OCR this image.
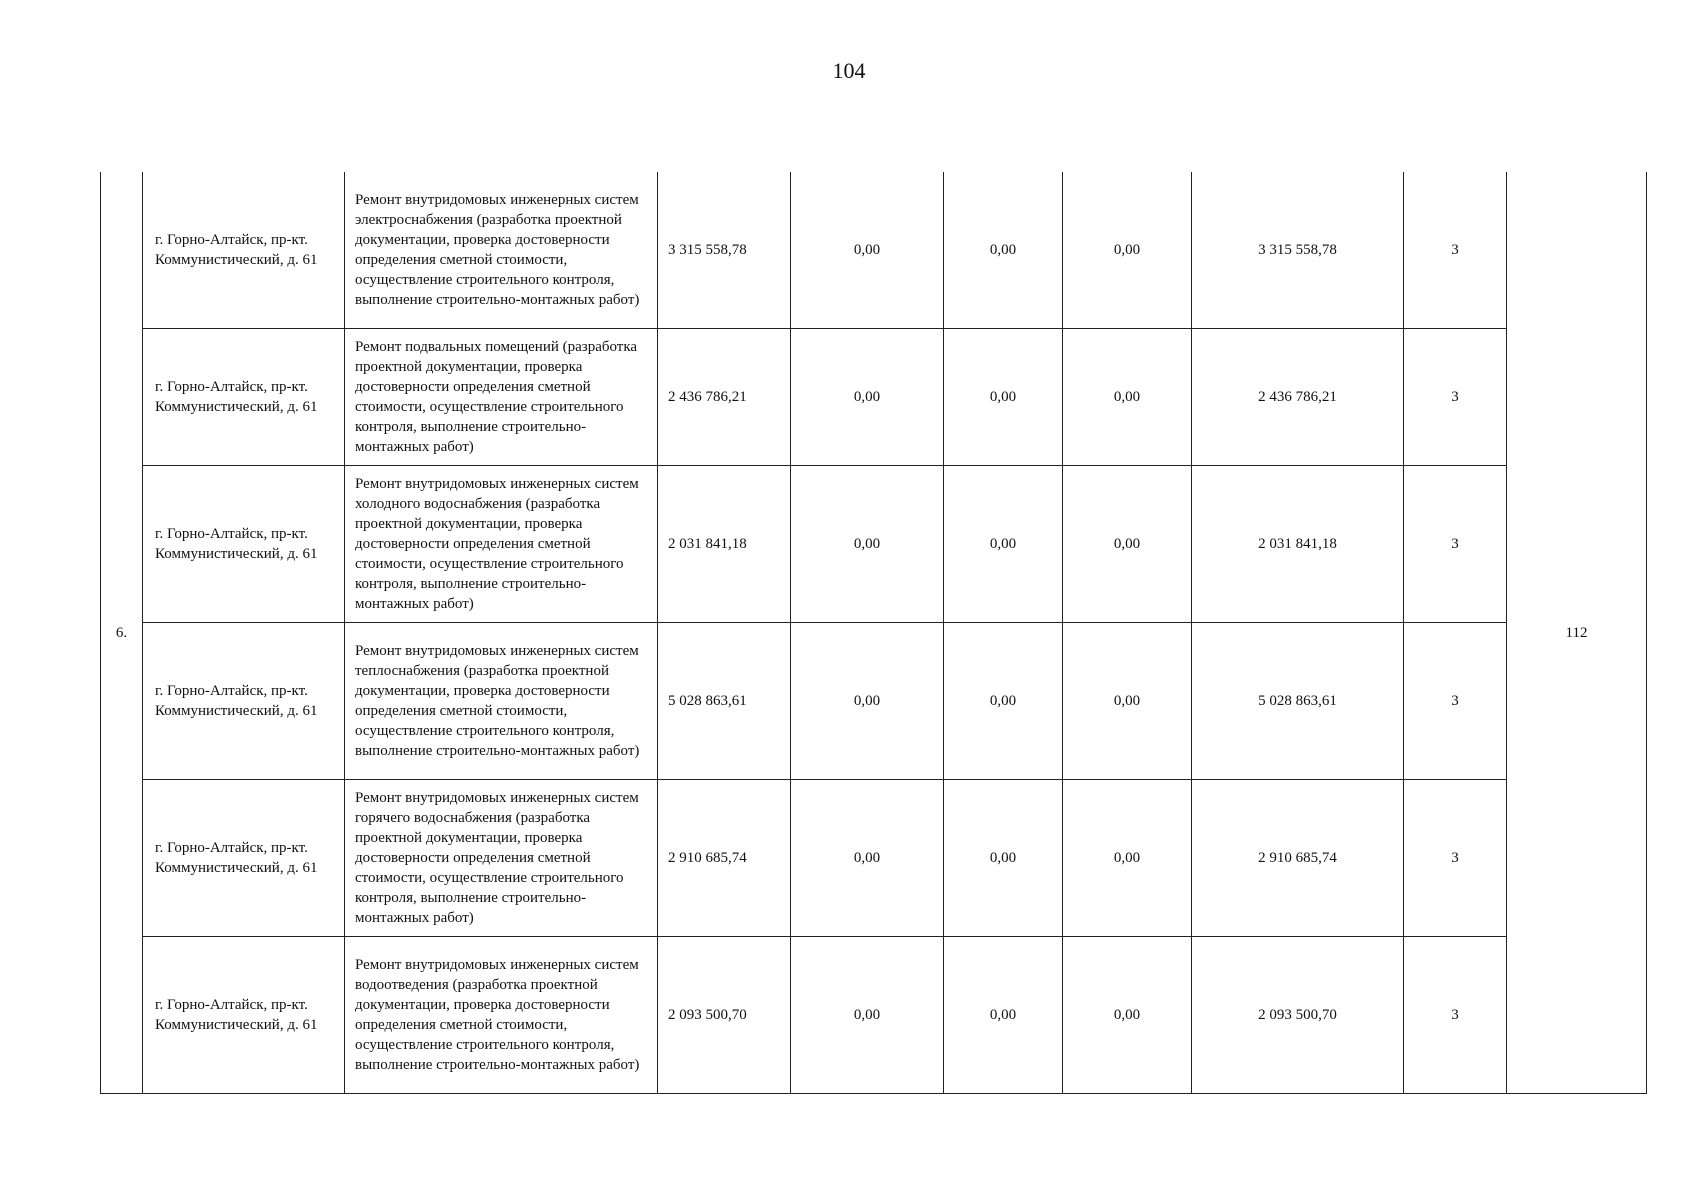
104
6.	г. Горно-Алтайск, пр-кт. Коммунистический, д. 61	Ремонт внутридомовых инженерных систем электроснабжения (разработка проектной документации, проверка достоверности определения сметной стоимости, осуществление строительного контроля, выполнение строительно-монтажных работ)	3 315 558,78	0,00	0,00	0,00	3 315 558,78	3	112
	г. Горно-Алтайск, пр-кт. Коммунистический, д. 61	Ремонт подвальных помещений (разработка проектной документации, проверка достоверности определения сметной стоимости, осуществление строительного контроля, выполнение строительно-монтажных работ)	2 436 786,21	0,00	0,00	0,00	2 436 786,21	3	
	г. Горно-Алтайск, пр-кт. Коммунистический, д. 61	Ремонт внутридомовых инженерных систем холодного водоснабжения (разработка проектной документации, проверка достоверности определения сметной стоимости, осуществление строительного контроля, выполнение строительно-монтажных работ)	2 031 841,18	0,00	0,00	0,00	2 031 841,18	3	
	г. Горно-Алтайск, пр-кт. Коммунистический, д. 61	Ремонт внутридомовых инженерных систем теплоснабжения (разработка проектной документации, проверка достоверности определения сметной стоимости, осуществление строительного контроля, выполнение строительно-монтажных работ)	5 028 863,61	0,00	0,00	0,00	5 028 863,61	3	
	г. Горно-Алтайск, пр-кт. Коммунистический, д. 61	Ремонт внутридомовых инженерных систем горячего водоснабжения (разработка проектной документации, проверка достоверности определения сметной стоимости, осуществление строительного контроля, выполнение строительно-монтажных работ)	2 910 685,74	0,00	0,00	0,00	2 910 685,74	3	
	г. Горно-Алтайск, пр-кт. Коммунистический, д. 61	Ремонт внутридомовых инженерных систем водоотведения (разработка проектной документации, проверка достоверности определения сметной стоимости, осуществление строительного контроля, выполнение строительно-монтажных работ)	2 093 500,70	0,00	0,00	0,00	2 093 500,70	3	
